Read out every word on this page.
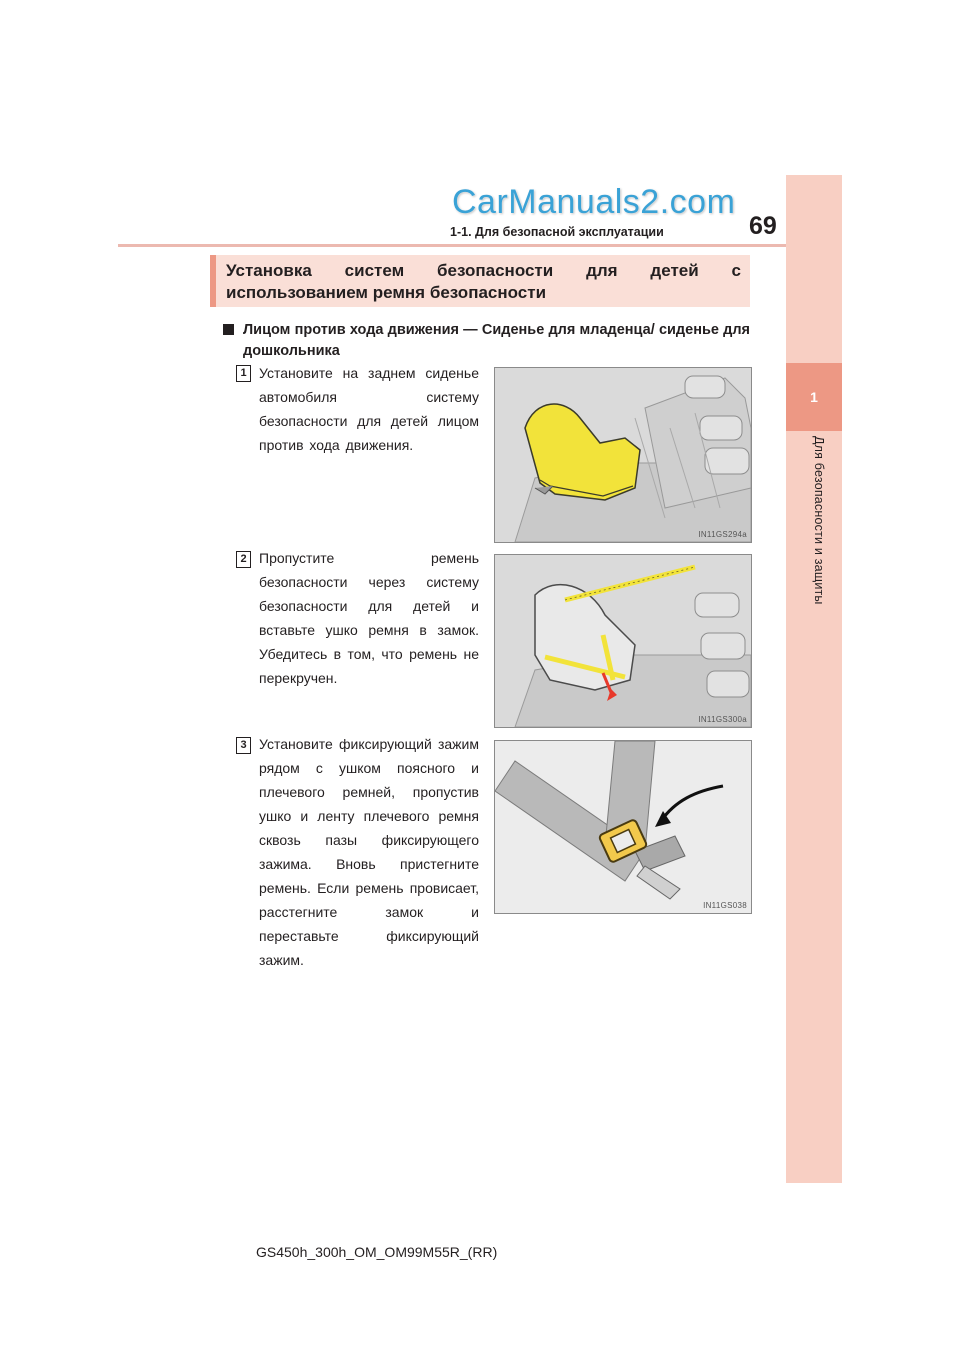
CarManuals2.com
1-1. Для безопасной эксплуатации	69
1
Для безопасности и защиты
Установка систем безопасности для детей с использованием ремня безопасности
Лицом против хода движения — Сиденье для младенца/ сиденье для дошкольника
1 Установите на заднем сиденье автомобиля систему безопасности для детей лицом против хода движения.
IN11GS294a
2 Пропустите ремень безопасности через систему безопасности для детей и вставьте ушко ремня в замок. Убедитесь в том, что ремень не перекручен.
IN11GS300a
3 Установите фиксирующий зажим рядом с ушком поясного и плечевого ремней, пропустив ушко и ленту плечевого ремня сквозь пазы фиксирующего зажима. Вновь пристегните ремень. Если ремень провисает, расстегните замок и переставьте фиксирующий зажим.
IN11GS038
GS450h_300h_OM_OM99M55R_(RR)
